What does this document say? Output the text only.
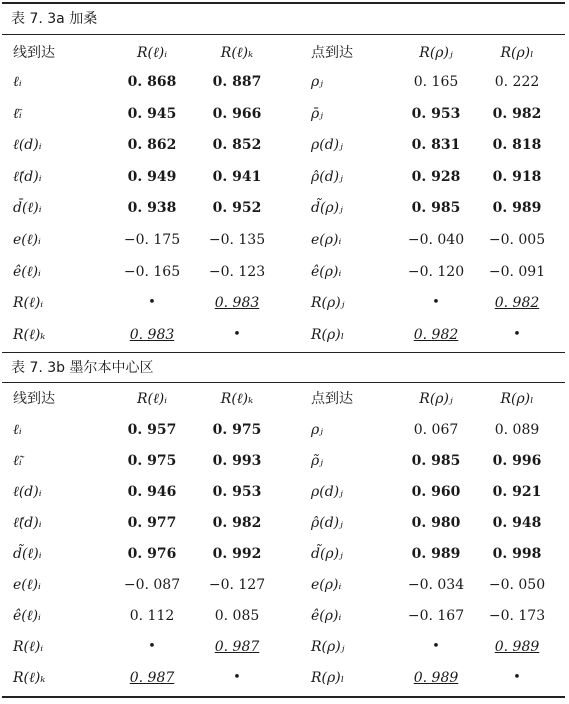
表 7. 3a 加桑
线到达	R(ℓ)ᵢ	R(ℓ)ₖ	点到达	R(ρ)ⱼ	R(ρ)ₗ
ℓᵢ	0. 868	0. 887	ρⱼ	0. 165	0. 222
ℓ̄ᵢ	0. 945	0. 966	ρ̄ⱼ	0. 953	0. 982
ℓ(d)ᵢ	0. 862	0. 852	ρ(d)ⱼ	0. 831	0. 818
ℓ̂(d)ᵢ	0. 949	0. 941	ρ̂(d)ⱼ	0. 928	0. 918
d̄(ℓ)ᵢ	0. 938	0. 952	d̃(ρ)ⱼ	0. 985	0. 989
e(ℓ)ᵢ	−0. 175	−0. 135	e(ρ)ᵢ	−0. 040	−0. 005
ê(ℓ)ᵢ	−0. 165	−0. 123	ê(ρ)ᵢ	−0. 120	−0. 091
R(ℓ)ᵢ	•	0. 983	R(ρ)ⱼ	•	0. 982
R(ℓ)ₖ	0. 983	•	R(ρ)ₗ	0. 982	•
表 7. 3b 墨尔本中心区
线到达	R(ℓ)ᵢ	R(ℓ)ₖ	点到达	R(ρ)ⱼ	R(ρ)ₗ
ℓᵢ	0. 957	0. 975	ρⱼ	0. 067	0. 089
ℓ̃ᵢ	0. 975	0. 993	ρ̃ⱼ	0. 985	0. 996
ℓ(d)ᵢ	0. 946	0. 953	ρ(d)ⱼ	0. 960	0. 921
ℓ̂(d)ᵢ	0. 977	0. 982	ρ̂(d)ⱼ	0. 980	0. 948
d̃(ℓ)ᵢ	0. 976	0. 992	d̃(ρ)ⱼ	0. 989	0. 998
e(ℓ)ᵢ	−0. 087	−0. 127	e(ρ)ᵢ	−0. 034	−0. 050
ê(ℓ)ᵢ	0. 112	0. 085	ê(ρ)ᵢ	−0. 167	−0. 173
R(ℓ)ᵢ	•	0. 987	R(ρ)ⱼ	•	0. 989
R(ℓ)ₖ	0. 987	•	R(ρ)ₗ	0. 989	•
